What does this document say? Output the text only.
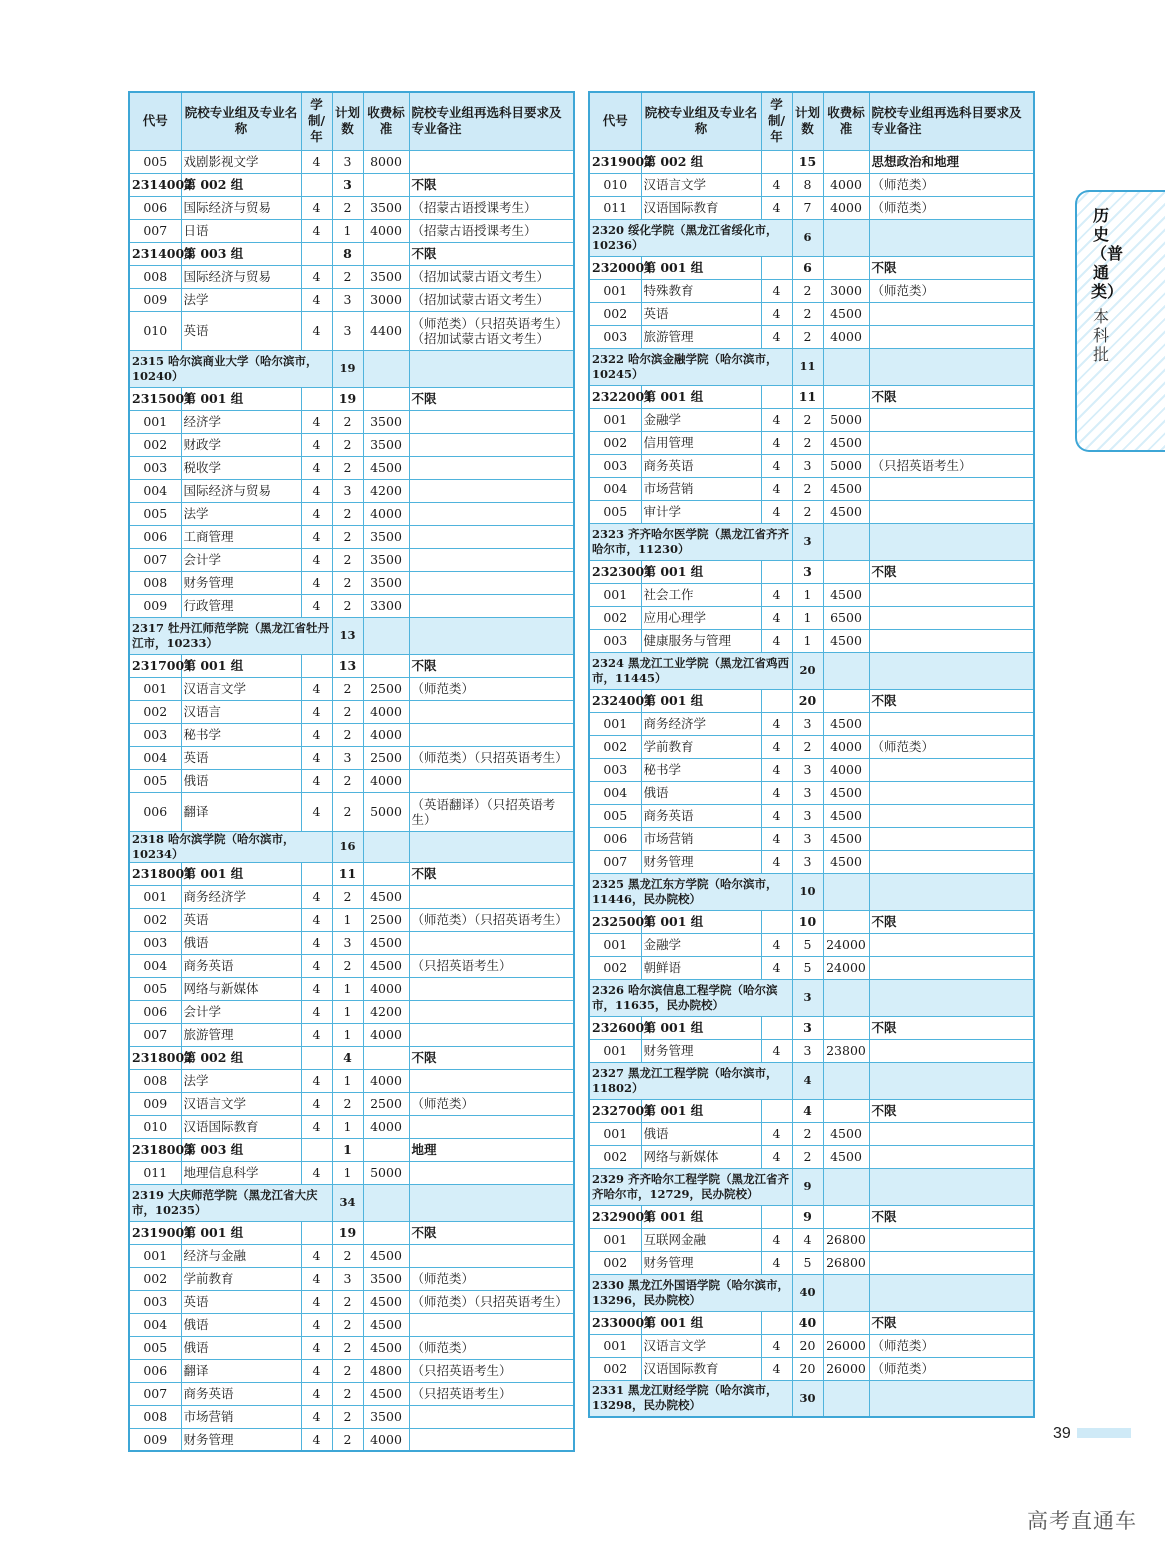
代号	院校专业组及专业名称	学制/年	计划数	收费标准	院校专业组再选科目要求及专业备注
005	戏剧影视文学	4	3	8000	
2314002	第 002 组		3		不限
006	国际经济与贸易	4	2	3500	（招蒙古语授课考生）
007	日语	4	1	4000	（招蒙古语授课考生）
2314003	第 003 组		8		不限
008	国际经济与贸易	4	2	3500	（招加试蒙古语文考生）
009	法学	4	3	3000	（招加试蒙古语文考生）
010	英语	4	3	4400	（师范类）（只招英语考生）（招加试蒙古语文考生）
2315 哈尔滨商业大学（哈尔滨市，10240）			19		
2315001	第 001 组		19		不限
001	经济学	4	2	3500	
002	财政学	4	2	3500	
003	税收学	4	2	4500	
004	国际经济与贸易	4	3	4200	
005	法学	4	2	4000	
006	工商管理	4	2	3500	
007	会计学	4	2	3500	
008	财务管理	4	2	3500	
009	行政管理	4	2	3300	
2317 牡丹江师范学院（黑龙江省牡丹江市，10233）			13		
2317001	第 001 组		13		不限
001	汉语言文学	4	2	2500	（师范类）
002	汉语言	4	2	4000	
003	秘书学	4	2	4000	
004	英语	4	3	2500	（师范类）（只招英语考生）
005	俄语	4	2	4000	
006	翻译	4	2	5000	（英语翻译）（只招英语考生）
2318 哈尔滨学院（哈尔滨市，10234）			16		
2318001	第 001 组		11		不限
001	商务经济学	4	2	4500	
002	英语	4	1	2500	（师范类）（只招英语考生）
003	俄语	4	3	4500	
004	商务英语	4	2	4500	（只招英语考生）
005	网络与新媒体	4	1	4000	
006	会计学	4	1	4200	
007	旅游管理	4	1	4000	
2318002	第 002 组		4		不限
008	法学	4	1	4000	
009	汉语言文学	4	2	2500	（师范类）
010	汉语国际教育	4	1	4000	
2318003	第 003 组		1		地理
011	地理信息科学	4	1	5000	
2319 大庆师范学院（黑龙江省大庆市，10235）			34		
2319001	第 001 组		19		不限
001	经济与金融	4	2	4500	
002	学前教育	4	3	3500	（师范类）
003	英语	4	2	4500	（师范类）（只招英语考生）
004	俄语	4	2	4500	
005	俄语	4	2	4500	（师范类）
006	翻译	4	2	4800	（只招英语考生）
007	商务英语	4	2	4500	（只招英语考生）
008	市场营销	4	2	3500	
009	财务管理	4	2	4000	
代号	院校专业组及专业名称	学制/年	计划数	收费标准	院校专业组再选科目要求及专业备注
2319002	第 002 组		15		思想政治和地理
010	汉语言文学	4	8	4000	（师范类）
011	汉语国际教育	4	7	4000	（师范类）
2320 绥化学院（黑龙江省绥化市，10236）			6		
2320001	第 001 组		6		不限
001	特殊教育	4	2	3000	（师范类）
002	英语	4	2	4500	
003	旅游管理	4	2	4000	
2322 哈尔滨金融学院（哈尔滨市，10245）			11		
2322001	第 001 组		11		不限
001	金融学	4	2	5000	
002	信用管理	4	2	4500	
003	商务英语	4	3	5000	（只招英语考生）
004	市场营销	4	2	4500	
005	审计学	4	2	4500	
2323 齐齐哈尔医学院（黑龙江省齐齐哈尔市，11230）			3		
2323001	第 001 组		3		不限
001	社会工作	4	1	4500	
002	应用心理学	4	1	6500	
003	健康服务与管理	4	1	4500	
2324 黑龙江工业学院（黑龙江省鸡西市，11445）			20		
2324001	第 001 组		20		不限
001	商务经济学	4	3	4500	
002	学前教育	4	2	4000	（师范类）
003	秘书学	4	3	4000	
004	俄语	4	3	4500	
005	商务英语	4	3	4500	
006	市场营销	4	3	4500	
007	财务管理	4	3	4500	
2325 黑龙江东方学院（哈尔滨市，11446，民办院校）			10		
2325001	第 001 组		10		不限
001	金融学	4	5	24000	
002	朝鲜语	4	5	24000	
2326 哈尔滨信息工程学院（哈尔滨市，11635，民办院校）			3		
2326001	第 001 组		3		不限
001	财务管理	4	3	23800	
2327 黑龙江工程学院（哈尔滨市，11802）			4		
2327001	第 001 组		4		不限
001	俄语	4	2	4500	
002	网络与新媒体	4	2	4500	
2329 齐齐哈尔工程学院（黑龙江省齐齐哈尔市，12729，民办院校）			9		
2329001	第 001 组		9		不限
001	互联网金融	4	4	26800	
002	财务管理	4	5	26800	
2330 黑龙江外国语学院（哈尔滨市，13296，民办院校）			40		
2330001	第 001 组		40		不限
001	汉语言文学	4	20	26000	（师范类）
002	汉语国际教育	4	20	26000	（师范类）
2331 黑龙江财经学院（哈尔滨市，13298，民办院校）			30		
历史（普通类）
本科批
39
高考直通车
